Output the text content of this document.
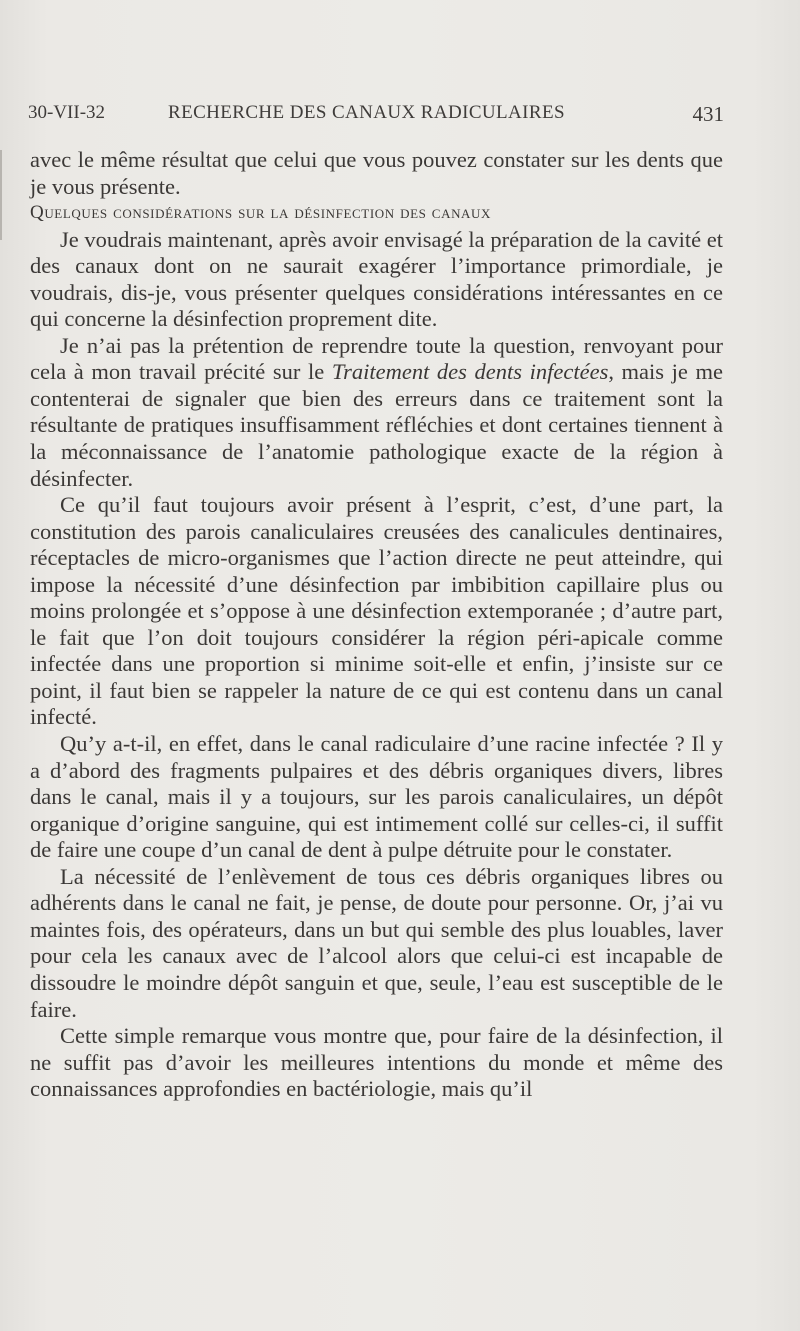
30-VII-32	RECHERCHE DES CANAUX RADICULAIRES	431

avec le même résultat que celui que vous pouvez constater sur les dents que je vous présente.

Quelques considérations sur la désinfection des canaux

Je voudrais maintenant, après avoir envisagé la préparation de la cavité et des canaux dont on ne saurait exagérer l’importance primordiale, je voudrais, dis-je, vous présenter quelques considérations intéressantes en ce qui concerne la désinfection proprement dite.

Je n’ai pas la prétention de reprendre toute la question, renvoyant pour cela à mon travail précité sur le Traitement des dents infectées, mais je me contenterai de signaler que bien des erreurs dans ce traitement sont la résultante de pratiques insuffisamment réfléchies et dont certaines tiennent à la méconnaissance de l’anatomie pathologique exacte de la région à désinfecter.

Ce qu’il faut toujours avoir présent à l’esprit, c’est, d’une part, la constitution des parois canaliculaires creusées des canalicules dentinaires, réceptacles de micro-organismes que l’action directe ne peut atteindre, qui impose la nécessité d’une désinfection par imbibition capillaire plus ou moins prolongée et s’oppose à une désinfection extemporanée ; d’autre part, le fait que l’on doit toujours considérer la région péri-apicale comme infectée dans une proportion si minime soit-elle et enfin, j’insiste sur ce point, il faut bien se rappeler la nature de ce qui est contenu dans un canal infecté.

Qu’y a-t-il, en effet, dans le canal radiculaire d’une racine infectée ? Il y a d’abord des fragments pulpaires et des débris organiques divers, libres dans le canal, mais il y a toujours, sur les parois canaliculaires, un dépôt organique d’origine sanguine, qui est intimement collé sur celles-ci, il suffit de faire une coupe d’un canal de dent à pulpe détruite pour le constater.

La nécessité de l’enlèvement de tous ces débris organiques libres ou adhérents dans le canal ne fait, je pense, de doute pour personne. Or, j’ai vu maintes fois, des opérateurs, dans un but qui semble des plus louables, laver pour cela les canaux avec de l’alcool alors que celui-ci est incapable de dissoudre le moindre dépôt sanguin et que, seule, l’eau est susceptible de le faire.

Cette simple remarque vous montre que, pour faire de la désinfection, il ne suffit pas d’avoir les meilleures intentions du monde et même des connaissances approfondies en bactériologie, mais qu’il
